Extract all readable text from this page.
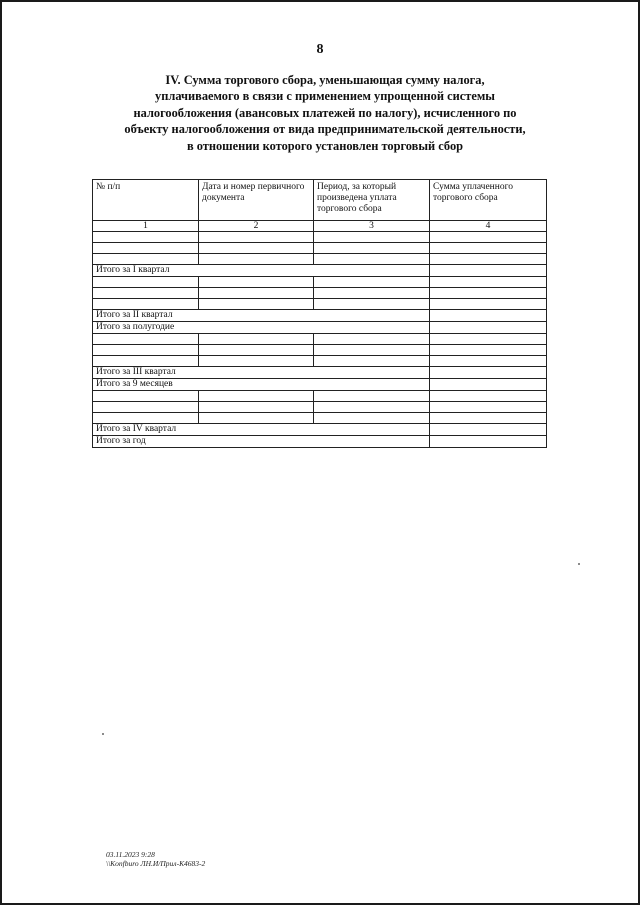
8
IV. Сумма торгового сбора, уменьшающая сумму налога,
уплачиваемого в связи с применением упрощенной системы
налогообложения (авансовых платежей по налогу), исчисленного по
объекту налогообложения от вида предпринимательской деятельности,
в отношении которого установлен торговый сбор
№ п/п	Дата и номер первичного документа	Период, за который произведена уплата торгового сбора	Сумма уплаченного торгового сбора
1	2	3	4

Итого за I квартал			

Итого за II квартал			
Итого за полугодие			

Итого за III квартал			
Итого за 9 месяцев			

Итого за IV квартал			
Итого за год			
03.11.2023 9:28
\\Konfburo ЛН.И/Прил-К4683-2
